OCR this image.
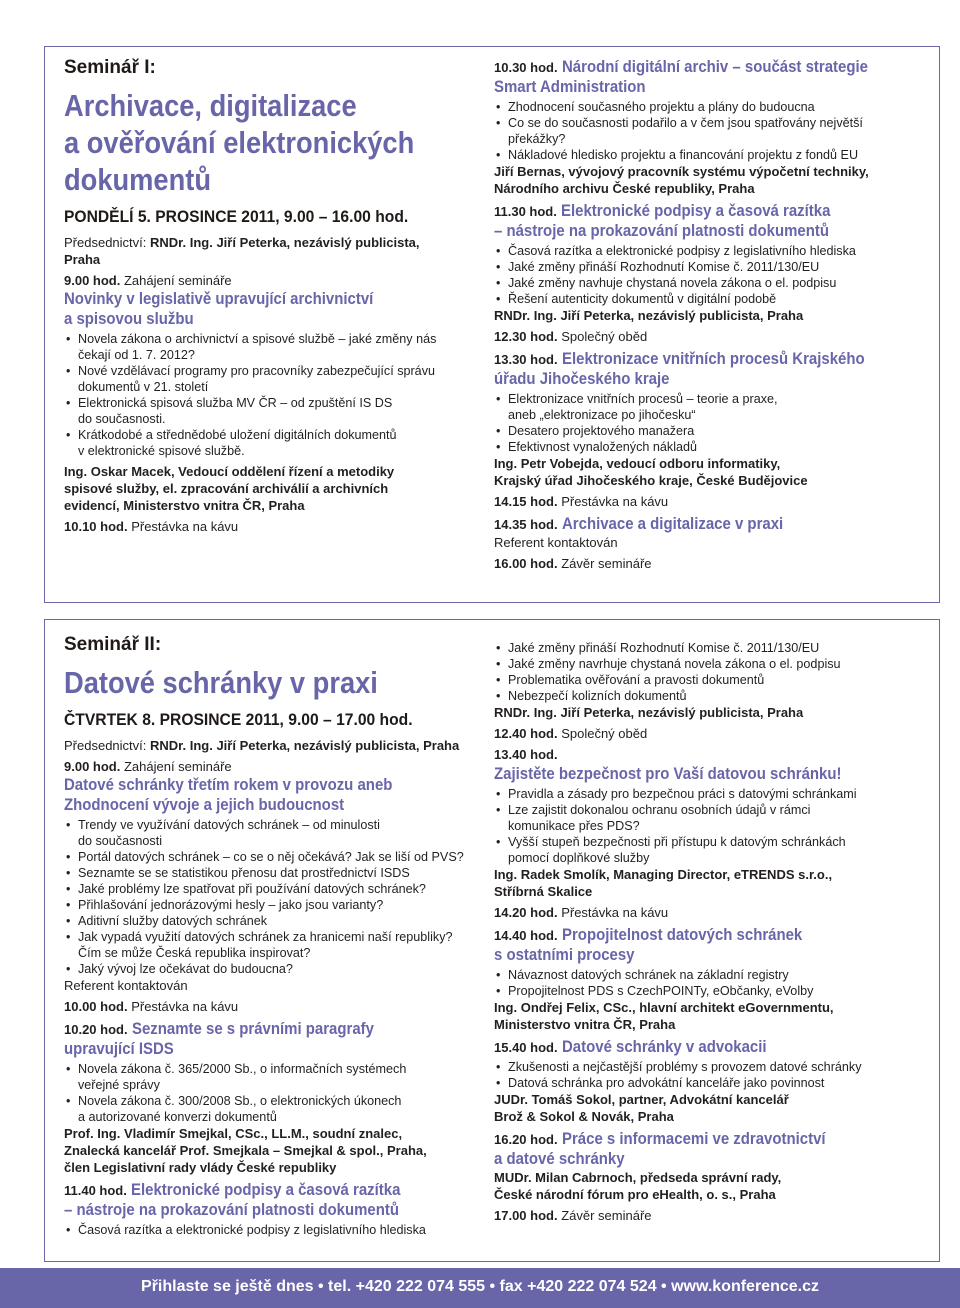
Seminář I:
Archivace, digitalizace
a ověřování elektronických
dokumentů
PONDĚLÍ 5. PROSINCE 2011, 9.00 – 16.00 hod.
Předsednictví: RNDr. Ing. Jiří Peterka, nezávislý publicista,
Praha
9.00 hod. Zahájení semináře
Novinky v legislativě upravující archivnictví
a spisovou službu
• Novela zákona o archivnictví a spisové službě – jaké změny nás
čekají od 1. 7. 2012?
• Nové vzdělávací programy pro pracovníky zabezpečující správu
dokumentů v 21. století
• Elektronická spisová služba MV ČR – od zpuštění IS DS
do současnosti.
• Krátkodobé a střednědobé uložení digitálních dokumentů
v elektronické spisové službě.
Ing. Oskar Macek, Vedoucí oddělení řízení a metodiky
spisové služby, el. zpracování archiválií a archivních
evidencí, Ministerstvo vnitra ČR, Praha
10.10 hod. Přestávka na kávu
10.30 hod. Národní digitální archiv – součást strategie
Smart Administration
• Zhodnocení současného projektu a plány do budoucna
• Co se do současnosti podařilo a v čem jsou spatřovány největší
překážky?
• Nákladové hledisko projektu a financování projektu z fondů EU
Jiří Bernas, vývojový pracovník systému výpočetní techniky,
Národního archivu České republiky, Praha
11.30 hod. Elektronické podpisy a časová razítka
– nástroje na prokazování platnosti dokumentů
• Časová razítka a elektronické podpisy z legislativního hlediska
• Jaké změny přináší Rozhodnutí Komise č. 2011/130/EU
• Jaké změny navhuje chystaná novela zákona o el. podpisu
• Řešení autenticity dokumentů v digitální podobě
RNDr. Ing. Jiří Peterka, nezávislý publicista, Praha
12.30 hod. Společný oběd
13.30 hod. Elektronizace vnitřních procesů Krajského
úřadu Jihočeského kraje
• Elektronizace vnitřních procesů – teorie a praxe,
aneb „elektronizace po jihočesku“
• Desatero projektového manažera
• Efektivnost vynaložených nákladů
Ing. Petr Vobejda, vedoucí odboru informatiky,
Krajský úřad Jihočeského kraje, České Budějovice
14.15 hod. Přestávka na kávu
14.35 hod. Archivace a digitalizace v praxi
Referent kontaktován
16.00 hod. Závěr semináře
Seminář II:
Datové schránky v praxi
ČTVRTEK 8. PROSINCE 2011, 9.00 – 17.00 hod.
Předsednictví: RNDr. Ing. Jiří Peterka, nezávislý publicista, Praha
9.00 hod. Zahájení semináře
Datové schránky třetím rokem v provozu aneb
Zhodnocení vývoje a jejich budoucnost
• Trendy ve využívání datových schránek – od minulosti
do současnosti
• Portál datových schránek – co se o něj očekává? Jak se liší od PVS?
• Seznamte se se statistikou přenosu dat prostřednictví ISDS
• Jaké problémy lze spatřovat při používání datových schránek?
• Přihlašování jednorázovými hesly – jako jsou varianty?
• Aditivní služby datových schránek
• Jak vypadá využití datových schránek za hranicemi naší republiky?
Čím se může Česká republika inspirovat?
• Jaký vývoj lze očekávat do budoucna?
Referent kontaktován
10.00 hod. Přestávka na kávu
10.20 hod. Seznamte se s právními paragrafy
upravující ISDS
• Novela zákona č. 365/2000 Sb., o informačních systémech
veřejné správy
• Novela zákona č. 300/2008 Sb., o elektronických úkonech
a autorizované konverzi dokumentů
Prof. Ing. Vladimír Smejkal, CSc., LL.M., soudní znalec,
Znalecká kancelář Prof. Smejkala – Smejkal & spol., Praha,
člen Legislativní rady vlády České republiky
11.40 hod. Elektronické podpisy a časová razítka
– nástroje na prokazování platnosti dokumentů
• Časová razítka a elektronické podpisy z legislativního hlediska
• Jaké změny přináší Rozhodnutí Komise č. 2011/130/EU
• Jaké změny navrhuje chystaná novela zákona o el. podpisu
• Problematika ověřování a pravosti dokumentů
• Nebezpečí kolizních dokumentů
RNDr. Ing. Jiří Peterka, nezávislý publicista, Praha
12.40 hod. Společný oběd
13.40 hod. Zajistěte bezpečnost pro Vaší datovou schránku!
• Pravidla a zásady pro bezpečnou práci s datovými schránkami
• Lze zajistit dokonalou ochranu osobních údajů v rámci
komunikace přes PDS?
• Vyšší stupeň bezpečnosti při přístupu k datovým schránkách
pomocí doplňkové služby
Ing. Radek Smolík, Managing Director, eTRENDS s.r.o.,
Stříbrná Skalice
14.20 hod. Přestávka na kávu
14.40 hod. Propojitelnost datových schránek
s ostatními procesy
• Návaznost datových schránek na základní registry
• Propojitelnost PDS s CzechPOINTy, eObčanky, eVolby
Ing. Ondřej Felix, CSc., hlavní architekt eGovernmentu,
Ministerstvo vnitra ČR, Praha
15.40 hod. Datové schránky v advokacii
• Zkušenosti a nejčastější problémy s provozem datové schránky
• Datová schránka pro advokátní kanceláře jako povinnost
JUDr. Tomáš Sokol, partner, Advokátní kancelář
Brož & Sokol & Novák, Praha
16.20 hod. Práce s informacemi ve zdravotnictví
a datové schránky
MUDr. Milan Cabrnoch, předseda správní rady,
České národní fórum pro eHealth, o. s., Praha
17.00 hod. Závěr semináře
Přihlaste se ještě dnes • tel. +420 222 074 555 • fax +420 222 074 524 • www.konference.cz
